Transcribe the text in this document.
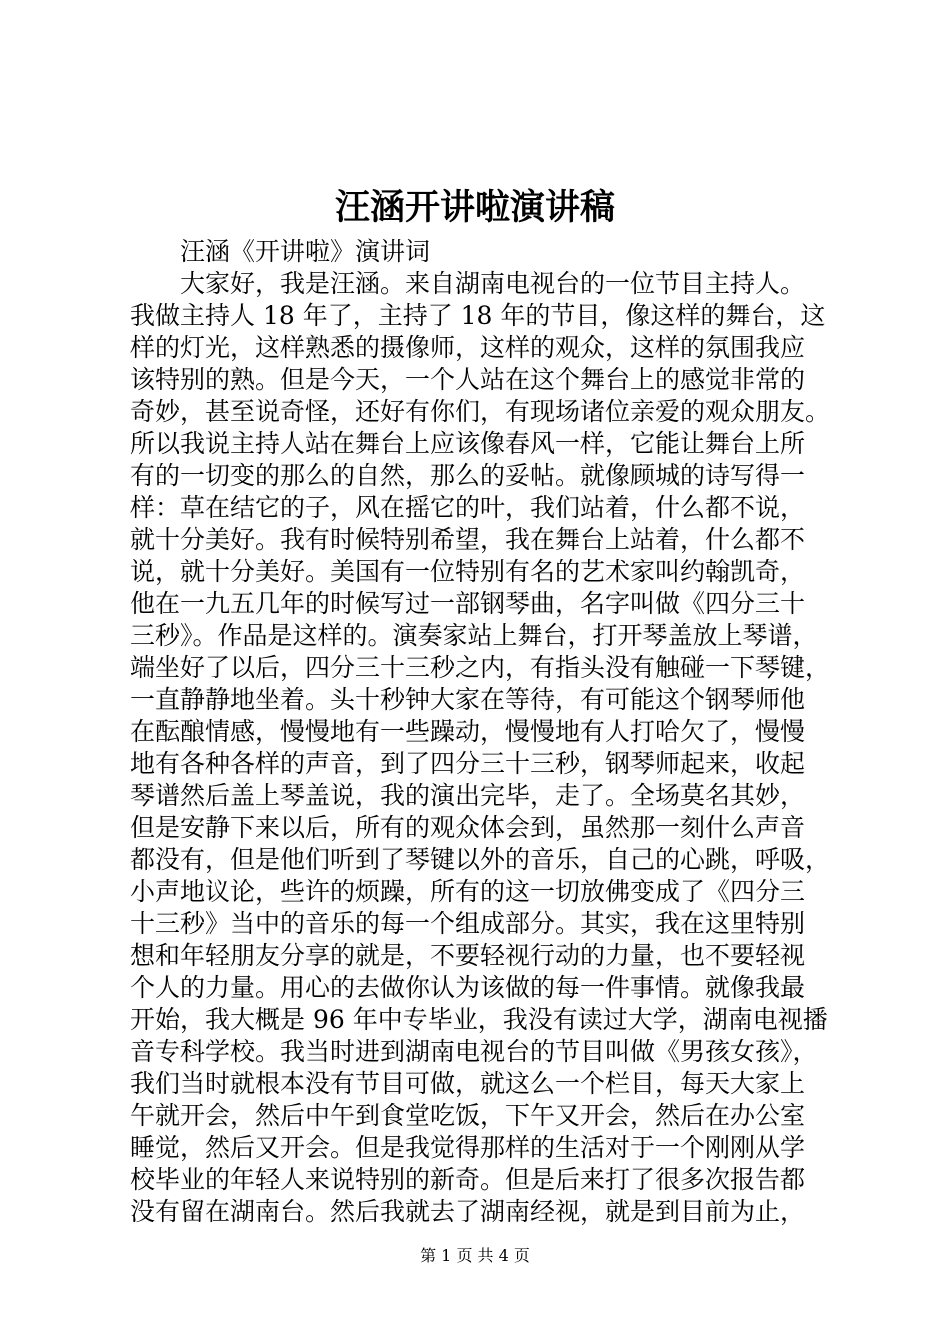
汪涵开讲啦演讲稿
汪涵《开讲啦》演讲词
大家好，我是汪涵。来自湖南电视台的一位节目主持人。
我做主持人 18 年了，主持了 18 年的节目，像这样的舞台，这
样的灯光，这样熟悉的摄像师，这样的观众，这样的氛围我应
该特别的熟。但是今天，一个人站在这个舞台上的感觉非常的
奇妙，甚至说奇怪，还好有你们，有现场诸位亲爱的观众朋友。
所以我说主持人站在舞台上应该像春风一样，它能让舞台上所
有的一切变的那么的自然，那么的妥帖。就像顾城的诗写得一
样：草在结它的子，风在摇它的叶，我们站着，什么都不说，
就十分美好。我有时候特别希望，我在舞台上站着，什么都不
说，就十分美好。美国有一位特别有名的艺术家叫约翰凯奇，
他在一九五几年的时候写过一部钢琴曲，名字叫做《四分三十
三秒》。作品是这样的。演奏家站上舞台，打开琴盖放上琴谱，
端坐好了以后，四分三十三秒之内，有指头没有触碰一下琴键，
一直静静地坐着。头十秒钟大家在等待，有可能这个钢琴师他
在酝酿情感，慢慢地有一些躁动，慢慢地有人打哈欠了，慢慢
地有各种各样的声音，到了四分三十三秒，钢琴师起来，收起
琴谱然后盖上琴盖说，我的演出完毕，走了。全场莫名其妙，
但是安静下来以后，所有的观众体会到，虽然那一刻什么声音
都没有，但是他们听到了琴键以外的音乐，自己的心跳，呼吸，
小声地议论，些许的烦躁，所有的这一切放佛变成了《四分三
十三秒》当中的音乐的每一个组成部分。其实，我在这里特别
想和年轻朋友分享的就是，不要轻视行动的力量，也不要轻视
个人的力量。用心的去做你认为该做的每一件事情。就像我最
开始，我大概是 96 年中专毕业，我没有读过大学，湖南电视播
音专科学校。我当时进到湖南电视台的节目叫做《男孩女孩》，
我们当时就根本没有节目可做，就这么一个栏目，每天大家上
午就开会，然后中午到食堂吃饭，下午又开会，然后在办公室
睡觉，然后又开会。但是我觉得那样的生活对于一个刚刚从学
校毕业的年轻人来说特别的新奇。但是后来打了很多次报告都
没有留在湖南台。然后我就去了湖南经视，就是到目前为止，
第 1 页 共 4 页
